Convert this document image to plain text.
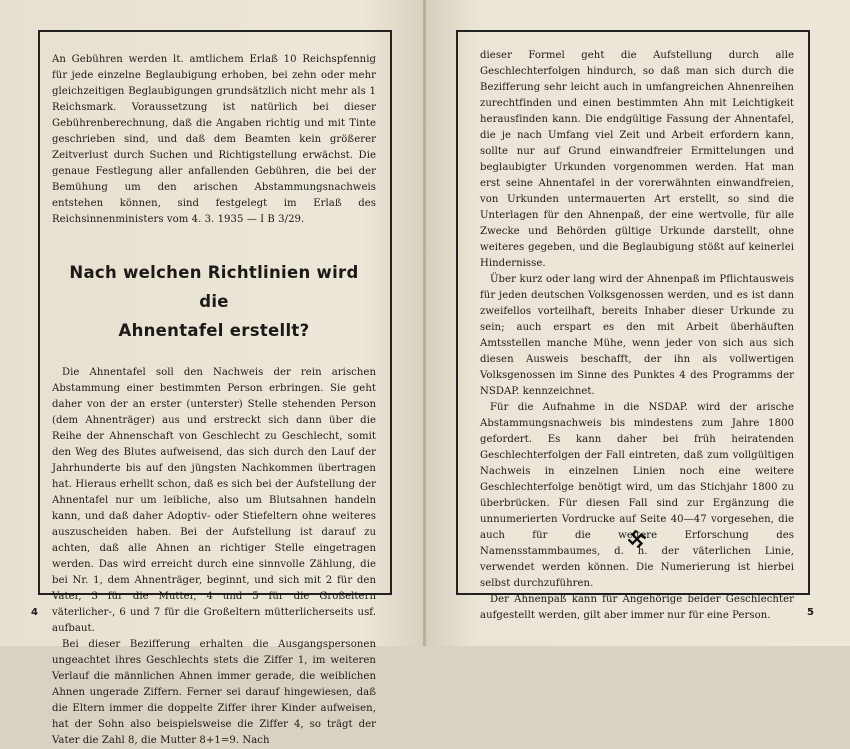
An Gebühren werden lt. amtlichem Erlaß 10 Reichspfennig für jede einzelne Beglaubigung erhoben, bei zehn oder mehr gleichzeitigen Beglaubigungen grundsätzlich nicht mehr als 1 Reichsmark. Voraussetzung ist natürlich bei dieser Gebührenberechnung, daß die Angaben richtig und mit Tinte geschrieben sind, und daß dem Beamten kein größerer Zeitverlust durch Suchen und Richtigstellung erwächst. Die genaue Festlegung aller anfallenden Gebühren, die bei der Bemühung um den arischen Abstammungsnachweis entstehen können, sind festgelegt im Erlaß des Reichsinnenministers vom 4. 3. 1935 — I B 3/29.

Nach welchen Richtlinien wird die
Ahnentafel erstellt?

Die Ahnentafel soll den Nachweis der rein arischen Abstammung einer bestimmten Person erbringen. Sie geht daher von der an erster (unterster) Stelle stehenden Person (dem Ahnenträger) aus und erstreckt sich dann über die Reihe der Ahnenschaft von Geschlecht zu Geschlecht, somit den Weg des Blutes aufweisend, das sich durch den Lauf der Jahrhunderte bis auf den jüngsten Nachkommen übertragen hat. Hieraus erhellt schon, daß es sich bei der Aufstellung der Ahnentafel nur um leibliche, also um Blutsahnen handeln kann, und daß daher Adoptiv- oder Stiefeltern ohne weiteres auszuscheiden haben. Bei der Aufstellung ist darauf zu achten, daß alle Ahnen an richtiger Stelle eingetragen werden. Das wird erreicht durch eine sinnvolle Zählung, die bei Nr. 1, dem Ahnenträger, beginnt, und sich mit 2 für den Vater, 3 für die Mutter, 4 und 5 für die Großeltern väterlicher-, 6 und 7 für die Großeltern mütterlicherseits usf. aufbaut.

Bei dieser Bezifferung erhalten die Ausgangspersonen ungeachtet ihres Geschlechts stets die Ziffer 1, im weiteren Verlauf die männlichen Ahnen immer gerade, die weiblichen Ahnen ungerade Ziffern. Ferner sei darauf hingewiesen, daß die Eltern immer die doppelte Ziffer ihrer Kinder aufweisen, hat der Sohn also beispielsweise die Ziffer 4, so trägt der Vater die Zahl 8, die Mutter 8+1=9. Nach

4

dieser Formel geht die Aufstellung durch alle Geschlechterfolgen hindurch, so daß man sich durch die Bezifferung sehr leicht auch in umfangreichen Ahnenreihen zurechtfinden und einen bestimmten Ahn mit Leichtigkeit herausfinden kann. Die endgültige Fassung der Ahnentafel, die je nach Umfang viel Zeit und Arbeit erfordern kann, sollte nur auf Grund einwandfreier Ermittelungen und beglaubigter Urkunden vorgenommen werden. Hat man erst seine Ahnentafel in der vorerwähnten einwandfreien, von Urkunden untermauerten Art erstellt, so sind die Unterlagen für den Ahnenpaß, der eine wertvolle, für alle Zwecke und Behörden gültige Urkunde darstellt, ohne weiteres gegeben, und die Beglaubigung stößt auf keinerlei Hindernisse.

Über kurz oder lang wird der Ahnenpaß im Pflichtausweis für jeden deutschen Volksgenossen werden, und es ist dann zweifellos vorteilhaft, bereits Inhaber dieser Urkunde zu sein; auch erspart es den mit Arbeit überhäuften Amtsstellen manche Mühe, wenn jeder von sich aus sich diesen Ausweis beschafft, der ihn als vollwertigen Volksgenossen im Sinne des Punktes 4 des Programms der NSDAP. kennzeichnet.

Für die Aufnahme in die NSDAP. wird der arische Abstammungsnachweis bis mindestens zum Jahre 1800 gefordert. Es kann daher bei früh heiratenden Geschlechterfolgen der Fall eintreten, daß zum vollgültigen Nachweis in einzelnen Linien noch eine weitere Geschlechterfolge benötigt wird, um das Stichjahr 1800 zu überbrücken. Für diesen Fall sind zur Ergänzung die unnumerierten Vordrucke auf Seite 40—47 vorgesehen, die auch für die weitere Erforschung des Namensstammbaumes, d. h. der väterlichen Linie, verwendet werden können. Die Numerierung ist hierbei selbst durchzuführen.

Der Ahnenpaß kann für Angehörige beider Geschlechter aufgestellt werden, gilt aber immer nur für eine Person.	5
